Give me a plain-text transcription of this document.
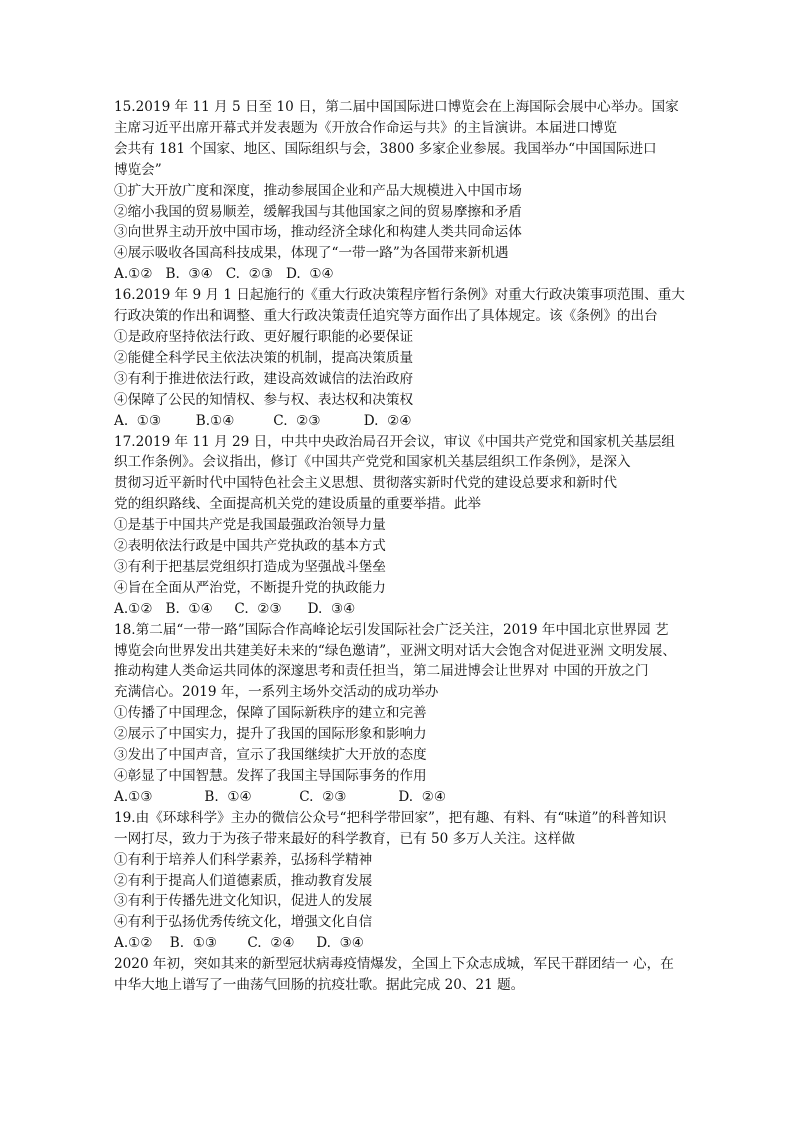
15.2019 年 11 月 5 日至 10 日，第二届中国国际进口博览会在上海国际会展中心举办。国家
主席习近平出席开幕式并发表题为《开放合作命运与共》的主旨演讲。本届进口博览
会共有 181 个国家、地区、国际组织与会，3800 多家企业参展。我国举办“中国国际进口
博览会”
①扩大开放广度和深度，推动参展国企业和产品大规模进入中国市场
②缩小我国的贸易顺差，缓解我国与其他国家之间的贸易摩擦和矛盾
③向世界主动开放中国市场，推动经济全球化和构建人类共同命运体
④展示吸收各国高科技成果，体现了“一带一路”为各国带来新机遇
A.①②   B.  ③④   C.  ②③   D.  ①④
16.2019 年 9 月 1 日起施行的《重大行政决策程序暂行条例》对重大行政决策事项范围、重大
行政决策的作出和调整、重大行政决策责任追究等方面作出了具体规定。该《条例》的出台
①是政府坚持依法行政、更好履行职能的必要保证
②能健全科学民主依法决策的机制，提高决策质量
③有利于推进依法行政，建设高效诚信的法治政府
④保障了公民的知情权、参与权、表达权和决策权
A.  ①③        B.①④         C.  ②③          D.  ②④
17.2019 年 11 月 29 日，中共中央政治局召开会议，审议《中国共产党党和国家机关基层组
织工作条例》。会议指出，修订《中国共产党党和国家机关基层组织工作条例》，是深入
贯彻习近平新时代中国特色社会主义思想、贯彻落实新时代党的建设总要求和新时代
党的组织路线、全面提高机关党的建设质量的重要举措。此举
①是基于中国共产党是我国最强政治领导力量
②表明依法行政是中国共产党执政的基本方式
③有利于把基层党组织打造成为坚强战斗堡垒
④旨在全面从严治党，不断提升党的执政能力
A.①②   B.  ①④     C.  ②③      D.  ③④
18.第二届“一带一路”国际合作高峰论坛引发国际社会广泛关注，2019 年中国北京世界园 艺
博览会向世界发出共建美好未来的“绿色邀请”，亚洲文明对话大会饱含对促进亚洲 文明发展、
推动构建人类命运共同体的深邃思考和责任担当，第二届进博会让世界对 中国的开放之门
充满信心。2019 年，一系列主场外交活动的成功举办
①传播了中国理念，保障了国际新秩序的建立和完善
②展示了中国实力，提升了我国的国际形象和影响力
③发出了中国声音，宣示了我国继续扩大开放的态度
④彰显了中国智慧。发挥了我国主导国际事务的作用
A.①③            B.  ①④           C.  ②③            D.  ②④
19.由《环球科学》主办的微信公众号“把科学带回家”，把有趣、有料、有“味道”的科普知识
一网打尽，致力于为孩子带来最好的科学教育，已有 50 多万人关注。这样做
①有利于培养人们科学素养，弘扬科学精神
②有利于提高人们道德素质，推动教育发展
③有利于传播先进文化知识，促进人的发展
④有利于弘扬优秀传统文化，增强文化自信
A.①②    B.  ①③       C.  ②④     D.  ③④
2020 年初，突如其来的新型冠状病毒疫情爆发，全国上下众志成城，军民干群团结一 心，在
中华大地上谱写了一曲荡气回肠的抗疫壮歌。据此完成 20、21 题。
